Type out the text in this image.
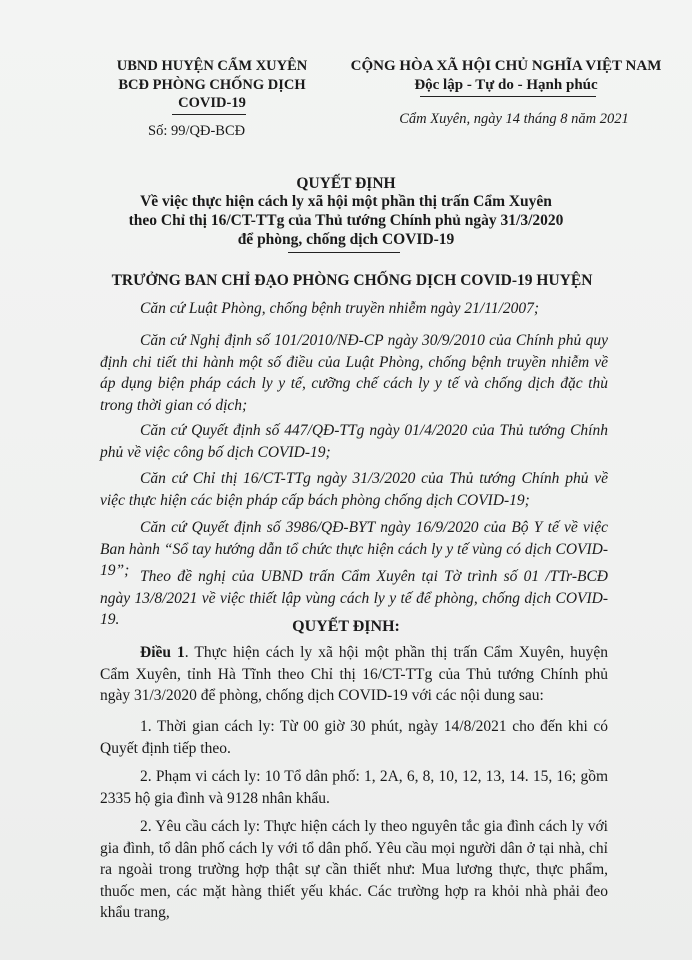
UBND HUYỆN CẨM XUYÊN
BCĐ PHÒNG CHỐNG DỊCH
COVID-19
Số: 99/QĐ-BCĐ
CỘNG HÒA XÃ HỘI CHỦ NGHĨA VIỆT NAM
Độc lập - Tự do - Hạnh phúc
Cẩm Xuyên, ngày 14 tháng 8 năm 2021
QUYẾT ĐỊNH
Về việc thực hiện cách ly xã hội một phần thị trấn Cẩm Xuyên
theo Chỉ thị 16/CT-TTg của Thủ tướng Chính phủ ngày 31/3/2020
để phòng, chống dịch COVID-19
TRƯỞNG BAN CHỈ ĐẠO PHÒNG CHỐNG DỊCH COVID-19 HUYỆN
Căn cứ Luật Phòng, chống bệnh truyền nhiễm ngày 21/11/2007;
Căn cứ Nghị định số 101/2010/NĐ-CP ngày 30/9/2010 của Chính phủ quy định chi tiết thi hành một số điều của Luật Phòng, chống bệnh truyền nhiễm về áp dụng biện pháp cách ly y tế, cưỡng chế cách ly y tế và chống dịch đặc thù trong thời gian có dịch;
Căn cứ Quyết định số 447/QĐ-TTg ngày 01/4/2020 của Thủ tướng Chính phủ về việc công bố dịch COVID-19;
Căn cứ Chỉ thị 16/CT-TTg ngày 31/3/2020 của Thủ tướng Chính phủ về việc thực hiện các biện pháp cấp bách phòng chống dịch COVID-19;
Căn cứ Quyết định số 3986/QĐ-BYT ngày 16/9/2020 của Bộ Y tế về việc Ban hành “Sổ tay hướng dẫn tổ chức thực hiện cách ly y tế vùng có dịch COVID-19”; Theo đề nghị của UBND trấn Cẩm Xuyên tại Tờ trình số 01 /TTr-BCĐ ngày 13/8/2021 về việc thiết lập vùng cách ly y tế để phòng, chống dịch COVID-19.	QUYẾT ĐỊNH:
Điều 1. Thực hiện cách ly xã hội một phần thị trấn Cẩm Xuyên, huyện Cẩm Xuyên, tỉnh Hà Tĩnh theo Chỉ thị 16/CT-TTg của Thủ tướng Chính phủ ngày 31/3/2020 để phòng, chống dịch COVID-19 với các nội dung sau:
1. Thời gian cách ly: Từ 00 giờ 30 phút, ngày 14/8/2021 cho đến khi có Quyết định tiếp theo.
2. Phạm vi cách ly: 10 Tổ dân phố: 1, 2A, 6, 8, 10, 12, 13, 14. 15, 16; gồm 2335 hộ gia đình và 9128 nhân khẩu.
2. Yêu cầu cách ly: Thực hiện cách ly theo nguyên tắc gia đình cách ly với gia đình, tổ dân phố cách ly với tổ dân phố. Yêu cầu mọi người dân ở tại nhà, chỉ ra ngoài trong trường hợp thật sự cần thiết như: Mua lương thực, thực phẩm, thuốc men, các mặt hàng thiết yếu khác. Các trường hợp ra khỏi nhà phải đeo khẩu trang,
